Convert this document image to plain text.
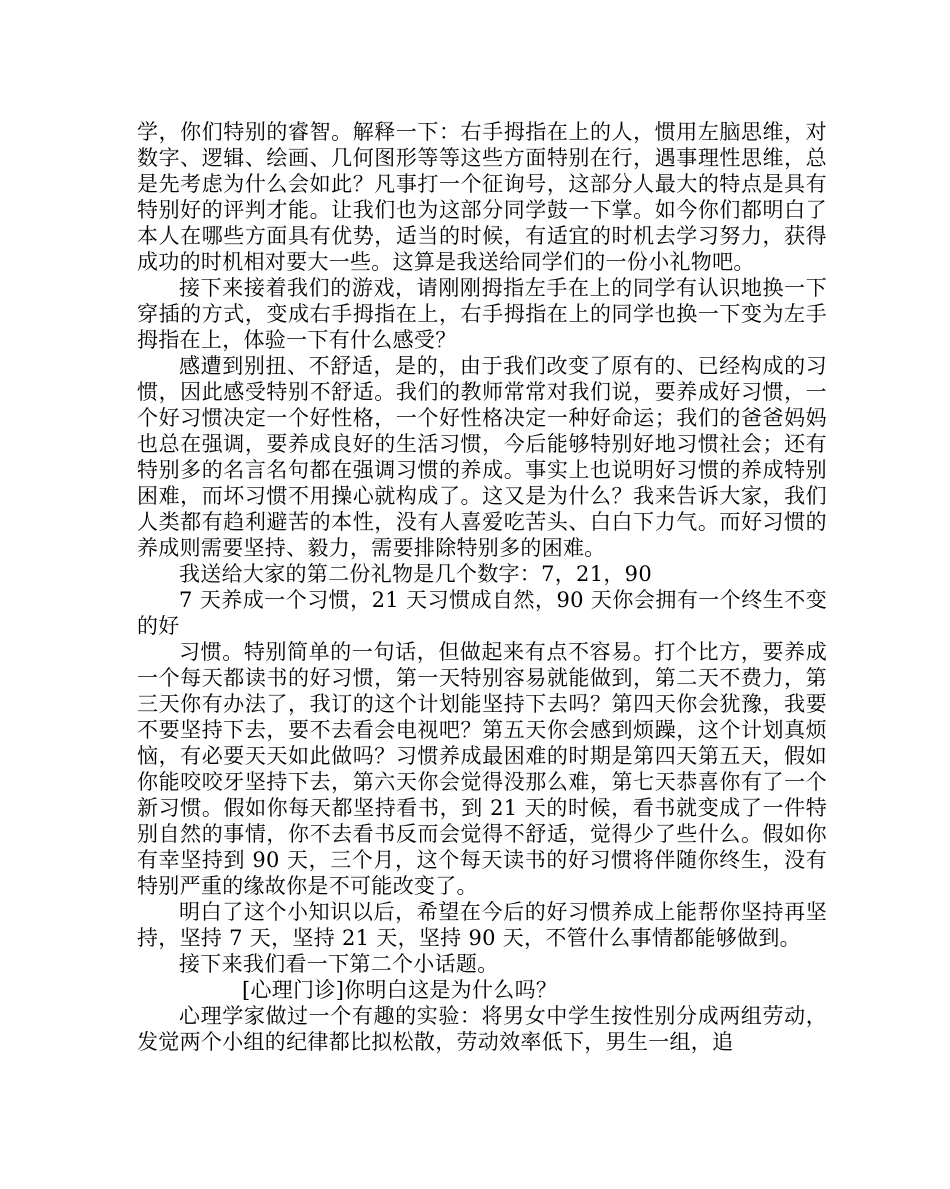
学，你们特别的睿智。解释一下：右手拇指在上的人，惯用左脑思维，对数字、逻辑、绘画、几何图形等等这些方面特别在行，遇事理性思维，总是先考虑为什么会如此？凡事打一个征询号，这部分人最大的特点是具有特别好的评判才能。让我们也为这部分同学鼓一下掌。如今你们都明白了本人在哪些方面具有优势，适当的时候，有适宜的时机去学习努力，获得成功的时机相对要大一些。这算是我送给同学们的一份小礼物吧。

接下来接着我们的游戏，请刚刚拇指左手在上的同学有认识地换一下穿插的方式，变成右手拇指在上，右手拇指在上的同学也换一下变为左手拇指在上，体验一下有什么感受？

感遭到别扭、不舒适，是的，由于我们改变了原有的、已经构成的习惯，因此感受特别不舒适。我们的教师常常对我们说，要养成好习惯，一个好习惯决定一个好性格，一个好性格决定一种好命运；我们的爸爸妈妈也总在强调，要养成良好的生活习惯，今后能够特别好地习惯社会；还有特别多的名言名句都在强调习惯的养成。事实上也说明好习惯的养成特别困难，而坏习惯不用操心就构成了。这又是为什么？我来告诉大家，我们人类都有趋利避苦的本性，没有人喜爱吃苦头、白白下力气。而好习惯的养成则需要坚持、毅力，需要排除特别多的困难。

我送给大家的第二份礼物是几个数字：7，21，90

7 天养成一个习惯，21 天习惯成自然，90 天你会拥有一个终生不变的好

习惯。特别简单的一句话，但做起来有点不容易。打个比方，要养成一个每天都读书的好习惯，第一天特别容易就能做到，第二天不费力，第三天你有办法了，我订的这个计划能坚持下去吗？第四天你会犹豫，我要不要坚持下去，要不去看会电视吧？第五天你会感到烦躁，这个计划真烦恼，有必要天天如此做吗？习惯养成最困难的时期是第四天第五天，假如你能咬咬牙坚持下去，第六天你会觉得没那么难，第七天恭喜你有了一个新习惯。假如你每天都坚持看书，到 21 天的时候，看书就变成了一件特别自然的事情，你不去看书反而会觉得不舒适，觉得少了些什么。假如你有幸坚持到 90 天，三个月，这个每天读书的好习惯将伴随你终生，没有特别严重的缘故你是不可能改变了。

明白了这个小知识以后，希望在今后的好习惯养成上能帮你坚持再坚持，坚持 7 天，坚持 21 天，坚持 90 天，不管什么事情都能够做到。

接下来我们看一下第二个小话题。

[心理门诊]你明白这是为什么吗？

心理学家做过一个有趣的实验：将男女中学生按性别分成两组劳动，发觉两个小组的纪律都比拟松散，劳动效率低下，男生一组，追
